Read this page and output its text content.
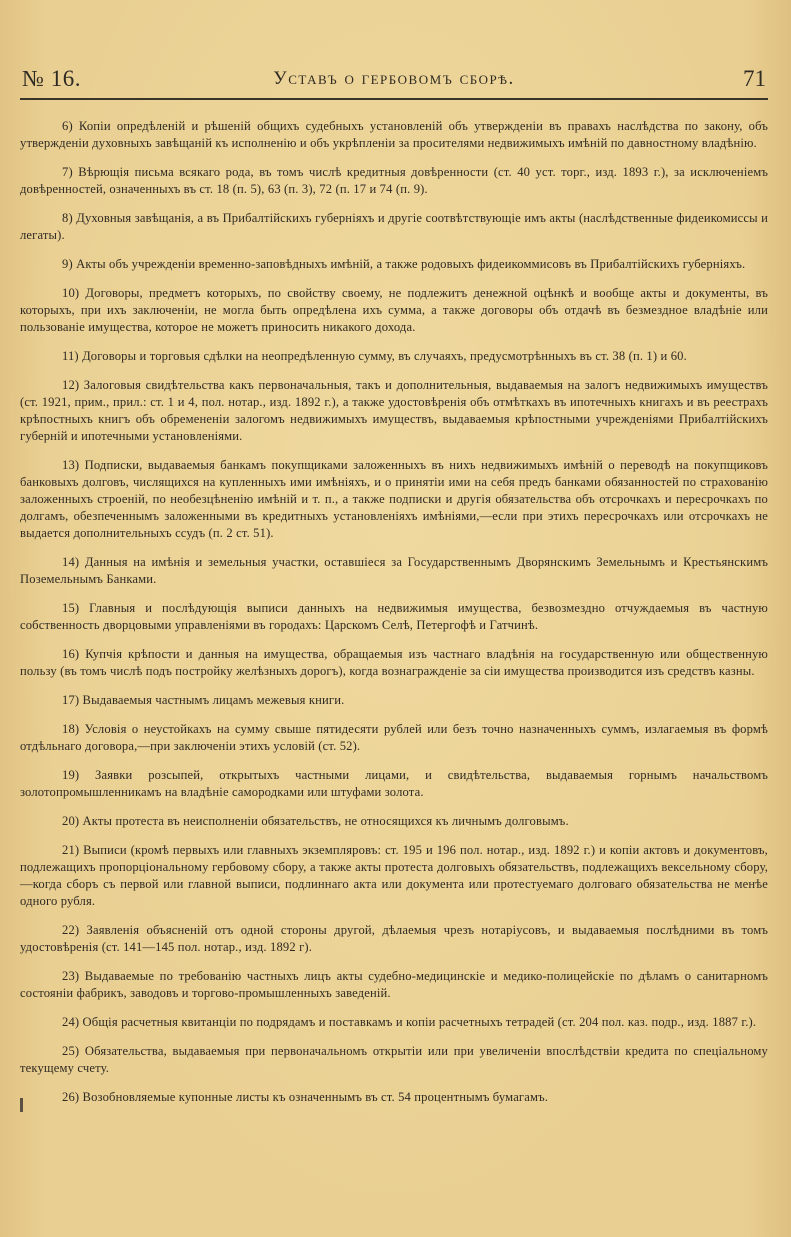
№ 16.	Уставъ о гербовомъ сборѣ.	71

6) Копіи опредѣленій и рѣшеній общихъ судебныхъ установленій объ утвержденіи въ правахъ наслѣдства по закону, объ утвержденіи духовныхъ завѣщаній къ исполненію и объ укрѣпленіи за просителями недвижимыхъ имѣній по давностному владѣнію.

7) Вѣрющія письма всякаго рода, въ томъ числѣ кредитныя довѣренности (ст. 40 уст. торг., изд. 1893 г.), за исключеніемъ довѣренностей, означенныхъ въ ст. 18 (п. 5), 63 (п. 3), 72 (п. 17 и 74 (п. 9).

8) Духовныя завѣщанія, а въ Прибалтійскихъ губерніяхъ и другіе соотвѣтствующіе имъ акты (наслѣдственные фидеикомиссы и легаты).

9) Акты объ учрежденіи временно-заповѣдныхъ имѣній, а также родовыхъ фидеикоммисовъ въ Прибалтійскихъ губерніяхъ.

10) Договоры, предметъ которыхъ, по свойству своему, не подлежитъ денежной оцѣнкѣ и вообще акты и документы, въ которыхъ, при ихъ заключеніи, не могла быть опредѣлена ихъ сумма, а также договоры объ отдачѣ въ безмездное владѣніе или пользованіе имущества, которое не можетъ приносить никакого дохода.

11) Договоры и торговыя сдѣлки на неопредѣленную сумму, въ случаяхъ, предусмотрѣнныхъ въ ст. 38 (п. 1) и 60.

12) Залоговыя свидѣтельства какъ первоначальныя, такъ и дополнительныя, выдаваемыя на залогъ недвижимыхъ имуществъ (ст. 1921, прим., прил.: ст. 1 и 4, пол. нотар., изд. 1892 г.), а также удостовѣренія объ отмѣткахъ въ ипотечныхъ книгахъ и въ реестрахъ крѣпостныхъ книгъ объ обремененіи залогомъ недвижимыхъ имуществъ, выдаваемыя крѣпостными учрежденіями Прибалтійскихъ губерній и ипотечными установленіями.

13) Подписки, выдаваемыя банкамъ покупщиками заложенныхъ въ нихъ недвижимыхъ имѣній о переводѣ на покупщиковъ банковыхъ долговъ, числящихся на купленныхъ ими имѣніяхъ, и о принятіи ими на себя предъ банками обязанностей по страхованію заложенныхъ строеній, по необезцѣненію имѣній и т. п., а также подписки и другія обязательства объ отсрочкахъ и пересрочкахъ по долгамъ, обезпеченнымъ заложенными въ кредитныхъ установленіяхъ имѣніями,—если при этихъ пересрочкахъ или отсрочкахъ не выдается дополнительныхъ ссудъ (п. 2 ст. 51).

14) Данныя на имѣнія и земельныя участки, оставшіеся за Государственнымъ Дворянскимъ Земельнымъ и Крестьянскимъ Поземельнымъ Банками.

15) Главныя и послѣдующія выписи данныхъ на недвижимыя имущества, безвозмездно отчуждаемыя въ частную собственность дворцовыми управленіями въ городахъ: Царскомъ Селѣ, Петергофѣ и Гатчинѣ.

16) Купчія крѣпости и данныя на имущества, обращаемыя изъ частнаго владѣнія на государственную или общественную пользу (въ томъ числѣ подъ постройку желѣзныхъ дорогъ), когда вознагражденіе за сіи имущества производится изъ средствъ казны.

17) Выдаваемыя частнымъ лицамъ межевыя книги.

18) Условія о неустойкахъ на сумму свыше пятидесяти рублей или безъ точно назначенныхъ суммъ, излагаемыя въ формѣ отдѣльнаго договора,—при заключеніи этихъ условій (ст. 52).

19) Заявки розсыпей, открытыхъ частными лицами, и свидѣтельства, выдаваемыя горнымъ начальствомъ золотопромышленникамъ на владѣніе самородками или штуфами золота.

20) Акты протеста въ неисполненіи обязательствъ, не относящихся къ личнымъ долговымъ.

21) Выписи (кромѣ первыхъ или главныхъ экземпляровъ: ст. 195 и 196 пол. нотар., изд. 1892 г.) и копіи актовъ и документовъ, подлежащихъ пропорціональному гербовому сбору, а также акты протеста долговыхъ обязательствъ, подлежащихъ вексельному сбору,—когда сборъ съ первой или главной выписи, подлиннаго акта или документа или протестуемаго долговаго обязательства не менѣе одного рубля.

22) Заявленія объясненій отъ одной стороны другой, дѣлаемыя чрезъ нотаріусовъ, и выдаваемыя послѣдними въ томъ удостовѣренія (ст. 141—145 пол. нотар., изд. 1892 г).

23) Выдаваемые по требованію частныхъ лицъ акты судебно-медицинскіе и медико-полицейскіе по дѣламъ о санитарномъ состояніи фабрикъ, заводовъ и торгово-промышленныхъ заведеній.

24) Общія расчетныя квитанціи по подрядамъ и поставкамъ и копіи расчетныхъ тетрадей (ст. 204 пол. каз. подр., изд. 1887 г.).

25) Обязательства, выдаваемыя при первоначальномъ открытіи или при увеличеніи впослѣдствіи кредита по спеціальному текущему счету.

26) Возобновляемые купонные листы къ означеннымъ въ ст. 54 процентнымъ бумагамъ.
